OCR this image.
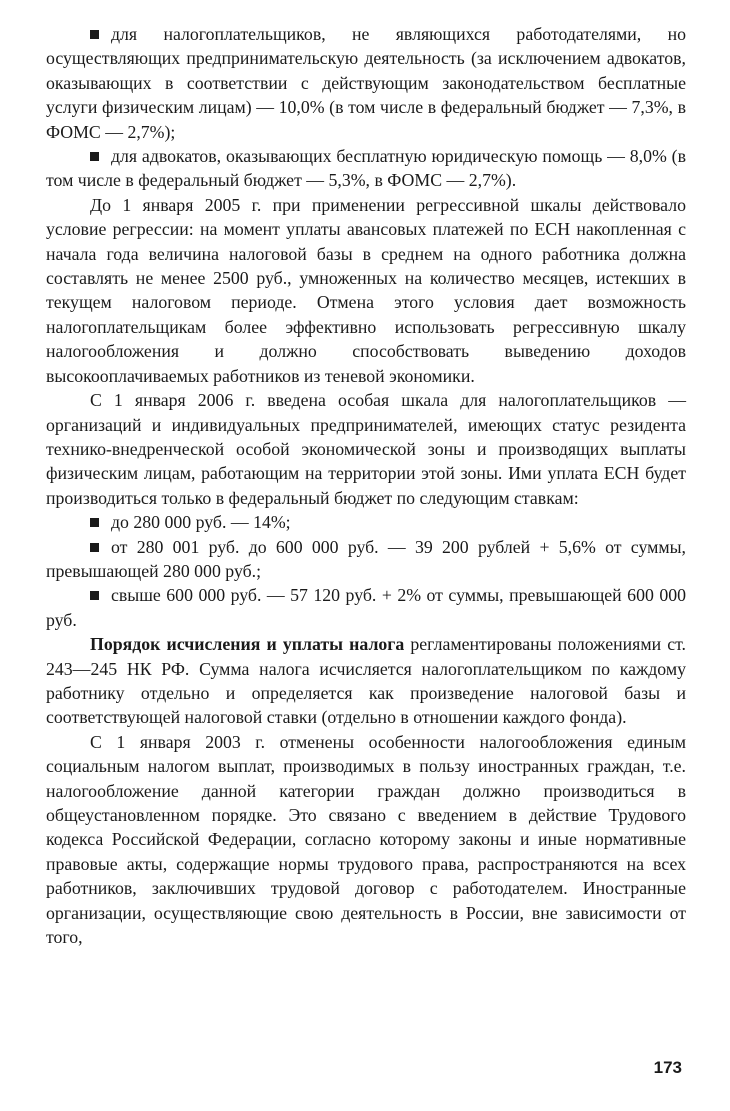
для налогоплательщиков, не являющихся работодателями, но осуществляющих предпринимательскую деятельность (за исключением адвокатов, оказывающих в соответствии с действующим законодательством бесплатные услуги физическим лицам) — 10,0% (в том числе в федеральный бюджет — 7,3%, в ФОМС — 2,7%);

для адвокатов, оказывающих бесплатную юридическую помощь — 8,0% (в том числе в федеральный бюджет — 5,3%, в ФОМС — 2,7%).

До 1 января 2005 г. при применении регрессивной шкалы действовало условие регрессии: на момент уплаты авансовых платежей по ЕСН накопленная с начала года величина налоговой базы в среднем на одного работника должна составлять не менее 2500 руб., умноженных на количество месяцев, истекших в текущем налоговом периоде. Отмена этого условия дает возможность налогоплательщикам более эффективно использовать регрессивную шкалу налогообложения и должно способствовать выведению доходов высокооплачиваемых работников из теневой экономики.

С 1 января 2006 г. введена особая шкала для налогоплательщиков — организаций и индивидуальных предпринимателей, имеющих статус резидента технико-внедренческой особой экономической зоны и производящих выплаты физическим лицам, работающим на территории этой зоны. Ими уплата ЕСН будет производиться только в федеральный бюджет по следующим ставкам:

до 280 000 руб. — 14%;

от 280 001 руб. до 600 000 руб. — 39 200 рублей + 5,6% от суммы, превышающей 280 000 руб.;

свыше 600 000 руб. — 57 120 руб. + 2% от суммы, превышающей 600 000 руб.

Порядок исчисления и уплаты налога регламентированы положениями ст. 243—245 НК РФ. Сумма налога исчисляется налогоплательщиком по каждому работнику отдельно и определяется как произведение налоговой базы и соответствующей налоговой ставки (отдельно в отношении каждого фонда).

С 1 января 2003 г. отменены особенности налогообложения единым социальным налогом выплат, производимых в пользу иностранных граждан, т.е. налогообложение данной категории граждан должно производиться в общеустановленном порядке. Это связано с введением в действие Трудового кодекса Российской Федерации, согласно которому законы и иные нормативные правовые акты, содержащие нормы трудового права, распространяются на всех работников, заключивших трудовой договор с работодателем. Иностранные организации, осуществляющие свою деятельность в России, вне зависимости от того,

173
